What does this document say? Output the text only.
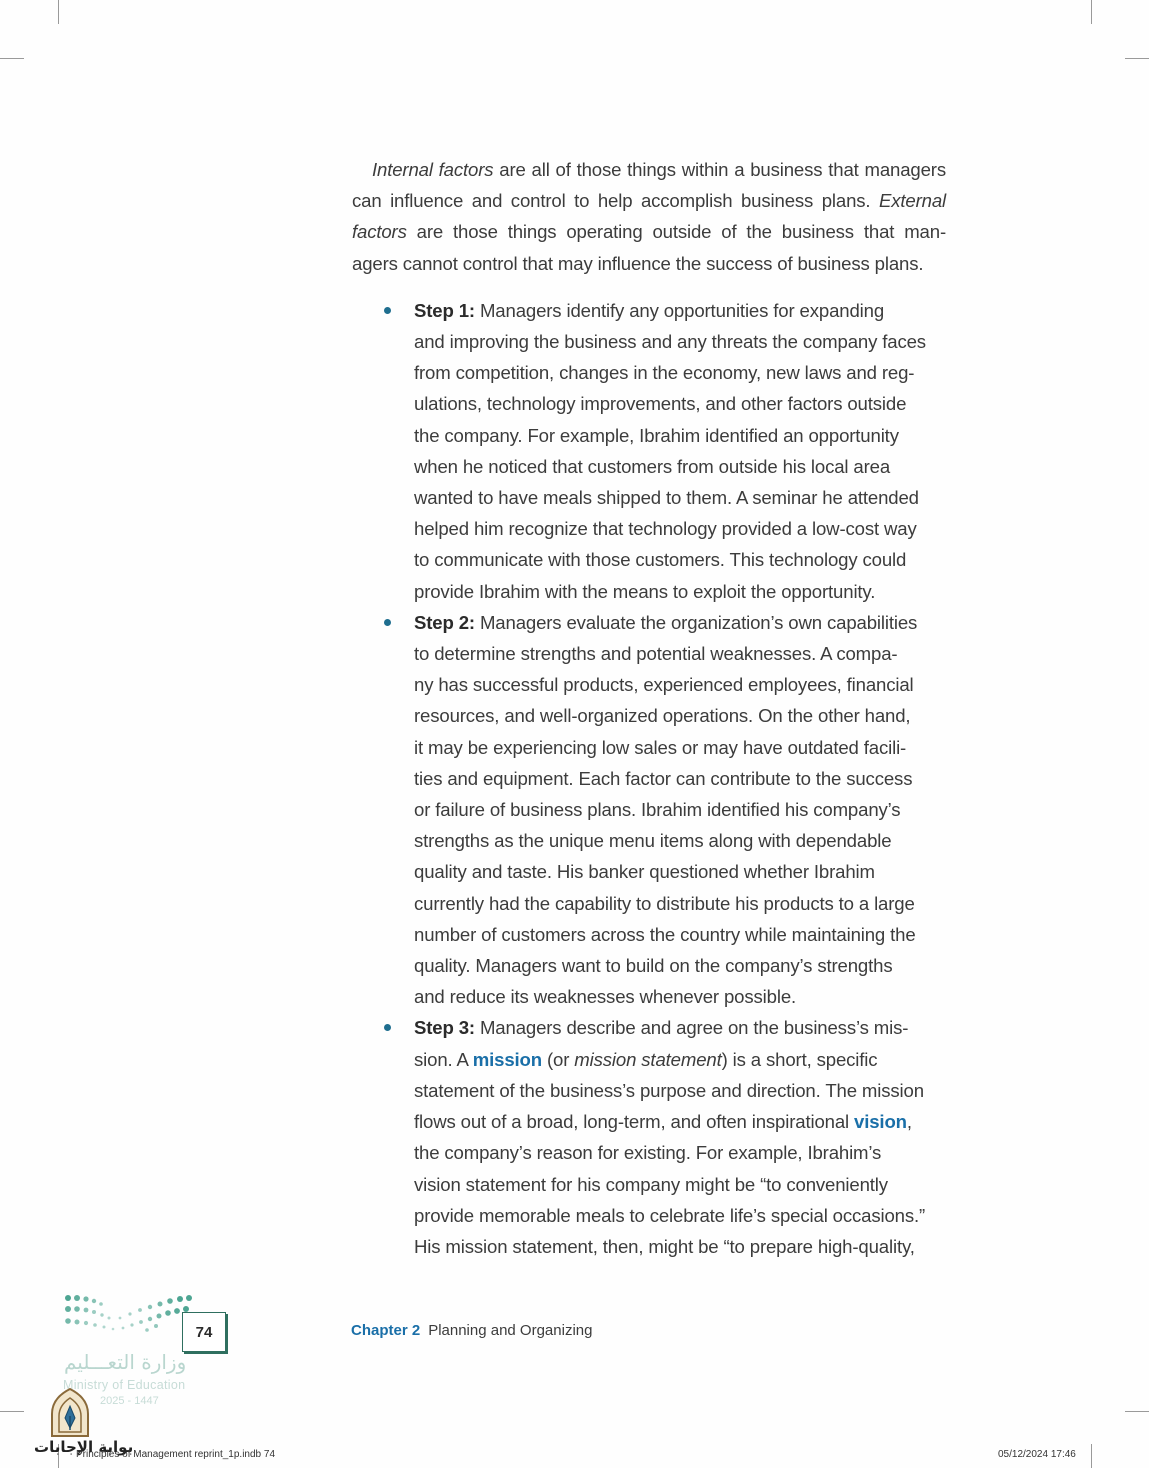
Internal factors are all of those things within a business that managers
can influence and control to help accomplish business plans. External
factors are those things operating outside of the business that man-
agers cannot control that may influence the success of business plans.

Step 1: Managers identify any opportunities for expanding
and improving the business and any threats the company faces
from competition, changes in the economy, new laws and reg-
ulations, technology improvements, and other factors outside
the company. For example, Ibrahim identified an opportunity
when he noticed that customers from outside his local area
wanted to have meals shipped to them. A seminar he attended
helped him recognize that technology provided a low-cost way
to communicate with those customers. This technology could
provide Ibrahim with the means to exploit the opportunity.
Step 2: Managers evaluate the organization’s own capabilities
to determine strengths and potential weaknesses. A compa-
ny has successful products, experienced employees, financial
resources, and well-organized operations. On the other hand,
it may be experiencing low sales or may have outdated facili-
ties and equipment. Each factor can contribute to the success
or failure of business plans. Ibrahim identified his company’s
strengths as the unique menu items along with dependable
quality and taste. His banker questioned whether Ibrahim
currently had the capability to distribute his products to a large
number of customers across the country while maintaining the
quality. Managers want to build on the company’s strengths
and reduce its weaknesses whenever possible.
Step 3: Managers describe and agree on the business’s mis-
sion. A mission (or mission statement) is a short, specific
statement of the business’s purpose and direction. The mission
flows out of a broad, long-term, and often inspirational vision,
the company’s reason for existing. For example, Ibrahim’s
vision statement for his company might be “to conveniently
provide memorable meals to celebrate life’s special occasions.”
His mission statement, then, might be “to prepare high-quality,
74
وزارة التعـــليم
Ministry of Education
2025 - 1447
Chapter 2 Planning and Organizing
بوابة الإجابات
Principles of Management reprint_1p.indb 74	05/12/2024 17:46
